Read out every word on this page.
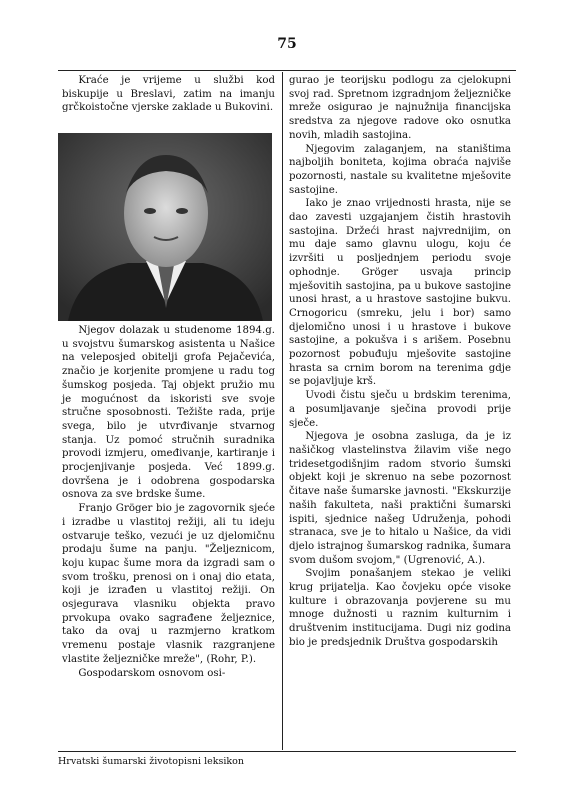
75

Kraće je vrijeme u službi kod biskupije u Breslavi, zatim na imanju grčkoistočne vjerske zaklade u Bukovini.

Njegov dolazak u studenome 1894.g. u svojstvu šumarskog asistenta u Našice na veleposjed obitelji grofa Pejačevića, značio je korjenite promjene u radu tog šumskog posjeda. Taj objekt pružio mu je mogućnost da iskoristi sve svoje stručne sposobnosti. Težište rada, prije svega, bilo je utvrđivanje stvarnog stanja. Uz pomoć stručnih suradnika provodi izmjeru, omeđivanje, kartiranje i procjenjivanje posjeda. Već 1899.g. dovršena je i odobrena gospodarska osnova za sve brdske šume.

Franjo Gröger bio je zagovornik sjeće i izradbe u vlastitoj režiji, ali tu ideju ostvaruje teško, vezući je uz djelomičnu prodaju šume na panju. "Željeznicom, koju kupac šume mora da izgradi sam o svom trošku, prenosi on i onaj dio etata, koji je izrađen u vlastitoj režiji. On osjegurava vlasniku objekta pravo prvokupa ovako sagrađene željeznice, tako da ovaj u razmjerno kratkom vremenu postaje vlasnik razgranjene vlastite željezničke mreže", (Rohr, P.).

Gospodarskom osnovom osi-

gurao je teorijsku podlogu za cjelokupni svoj rad. Spretnom izgradnjom željezničke mreže osigurao je najnužnija financijska sredstva za njegove radove oko osnutka novih, mladih sastojina.

Njegovim zalaganjem, na staništima najboljih boniteta, kojima obraća najviše pozornosti, nastale su kvalitetne mješovite sastojine.

Iako je znao vrijednosti hrasta, nije se dao zavesti uzgajanjem čistih hrastovih sastojina. Držeći hrast najvrednijim, on mu daje samo glavnu ulogu, koju će izvršiti u posljednjem periodu svoje ophodnje. Gröger usvaja princip mješovitih sastojina, pa u bukove sastojine unosi hrast, a u hrastove sastojine bukvu. Crnogoricu (smreku, jelu i bor) samo djelomično unosi i u hrastove i bukove sastojine, a pokušva i s arišem. Posebnu pozornost pobuđuju mješovite sastojine hrasta sa crnim borom na terenima gdje se pojavljuje krš.

Uvodi čistu sječu u brdskim terenima, a posumljavanje sječina provodi prije sječe.

Njegova je osobna zasluga, da je iz našičkog vlastelinstva žilavim više nego tridesetgodišnjim radom stvorio šumski objekt koji je skrenuo na sebe pozornost čitave naše šumarske javnosti. "Ekskurzije naših fakulteta, naši praktični šumarski ispiti, sjednice našeg Udruženja, pohodi stranaca, sve je to hitalo u Našice, da vidi djelo istrajnog šumarskog radnika, šumara svom dušom svojom," (Ugrenović, A.).

Svojim ponašanjem stekao je veliki krug prijatelja. Kao čovjeku opće visoke kulture i obrazovanja povjerene su mu mnoge dužnosti u raznim kulturnim i društvenim institucijama. Dugi niz godina bio je predsjednik Društva gospodarskih

Hrvatski šumarski životopisni leksikon
